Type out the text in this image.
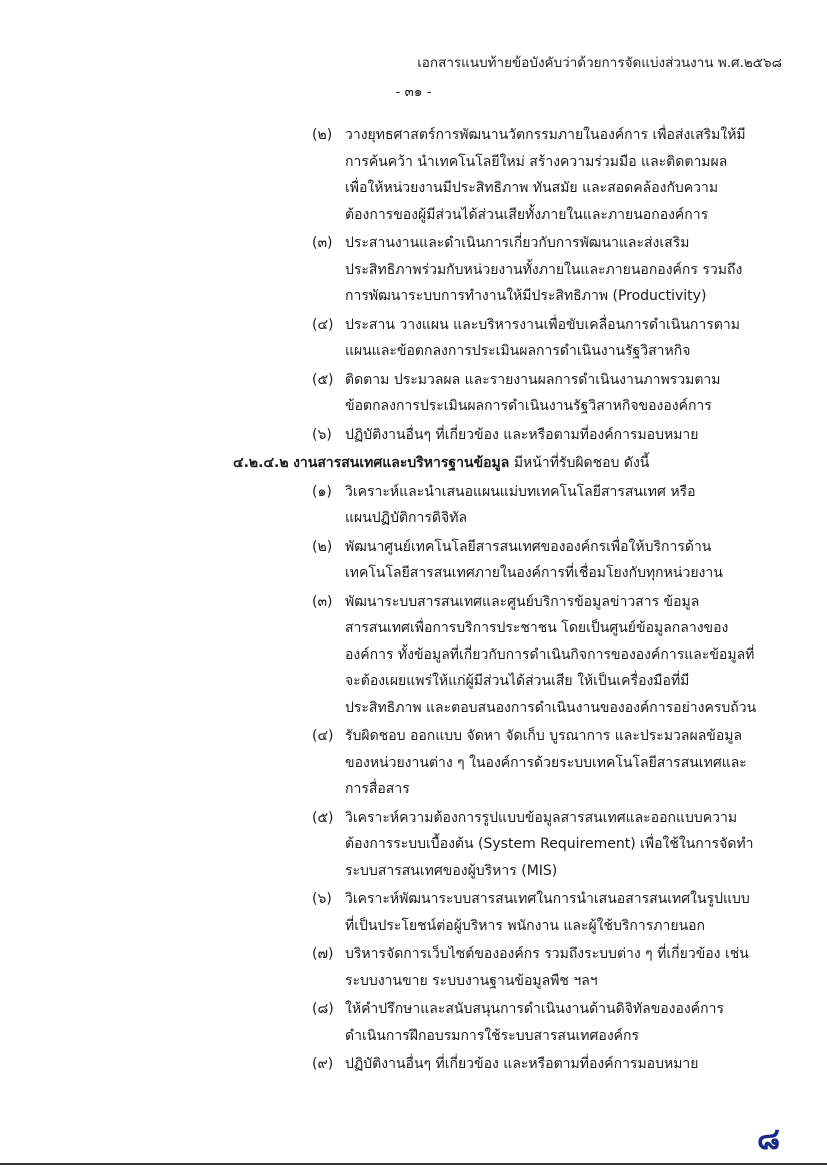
เอกสารแนบท้ายข้อบังคับว่าด้วยการจัดแบ่งส่วนงาน พ.ศ.๒๕๖๘
- ๓๑ -
(๒) วางยุทธศาสตร์การพัฒนานวัตกรรมภายในองค์การ เพื่อส่งเสริมให้มี
การค้นคว้า นำเทคโนโลยีใหม่ สร้างความร่วมมือ และติดตามผล
เพื่อให้หน่วยงานมีประสิทธิภาพ ทันสมัย และสอดคล้องกับความ
ต้องการของผู้มีส่วนได้ส่วนเสียทั้งภายในและภายนอกองค์การ
(๓) ประสานงานและดำเนินการเกี่ยวกับการพัฒนาและส่งเสริม
ประสิทธิภาพร่วมกับหน่วยงานทั้งภายในและภายนอกองค์กร รวมถึง
การพัฒนาระบบการทำงานให้มีประสิทธิภาพ (Productivity)
(๔) ประสาน วางแผน และบริหารงานเพื่อขับเคลื่อนการดำเนินการตาม
แผนและข้อตกลงการประเมินผลการดำเนินงานรัฐวิสาหกิจ
(๕) ติดตาม ประมวลผล และรายงานผลการดำเนินงานภาพรวมตาม
ข้อตกลงการประเมินผลการดำเนินงานรัฐวิสาหกิจขององค์การ
(๖) ปฏิบัติงานอื่นๆ ที่เกี่ยวข้อง และหรือตามที่องค์การมอบหมาย
๔.๒.๔.๒ งานสารสนเทศและบริหารฐานข้อมูล มีหน้าที่รับผิดชอบ ดังนี้
(๑) วิเคราะห์และนำเสนอแผนแม่บทเทคโนโลยีสารสนเทศ หรือ
แผนปฏิบัติการดิจิทัล
(๒) พัฒนาศูนย์เทคโนโลยีสารสนเทศขององค์กรเพื่อให้บริการด้าน
เทคโนโลยีสารสนเทศภายในองค์การที่เชื่อมโยงกับทุกหน่วยงาน
(๓) พัฒนาระบบสารสนเทศและศูนย์บริการข้อมูลข่าวสาร ข้อมูล
สารสนเทศเพื่อการบริการประชาชน โดยเป็นศูนย์ข้อมูลกลางของ
องค์การ ทั้งข้อมูลที่เกี่ยวกับการดำเนินกิจการขององค์การและข้อมูลที่
จะต้องเผยแพร่ให้แก่ผู้มีส่วนได้ส่วนเสีย ให้เป็นเครื่องมือที่มี
ประสิทธิภาพ และตอบสนองการดำเนินงานขององค์การอย่างครบถ้วน
(๔) รับผิดชอบ ออกแบบ จัดหา จัดเก็บ บูรณาการ และประมวลผลข้อมูล
ของหน่วยงานต่าง ๆ ในองค์การด้วยระบบเทคโนโลยีสารสนเทศและ
การสื่อสาร
(๕) วิเคราะห์ความต้องการรูปแบบข้อมูลสารสนเทศและออกแบบความ
ต้องการระบบเบื้องต้น (System Requirement) เพื่อใช้ในการจัดทำ
ระบบสารสนเทศของผู้บริหาร (MIS)
(๖) วิเคราะห์พัฒนาระบบสารสนเทศในการนำเสนอสารสนเทศในรูปแบบ
ที่เป็นประโยชน์ต่อผู้บริหาร พนักงาน และผู้ใช้บริการภายนอก
(๗) บริหารจัดการเว็บไซต์ขององค์กร รวมถึงระบบต่าง ๆ ที่เกี่ยวข้อง เช่น
ระบบงานขาย ระบบงานฐานข้อมูลพืช ฯลฯ
(๘) ให้คำปรึกษาและสนับสนุนการดำเนินงานด้านดิจิทัลขององค์การ
ดำเนินการฝึกอบรมการใช้ระบบสารสนเทศองค์กร
(๙) ปฏิบัติงานอื่นๆ ที่เกี่ยวข้อง และหรือตามที่องค์การมอบหมาย
๘
